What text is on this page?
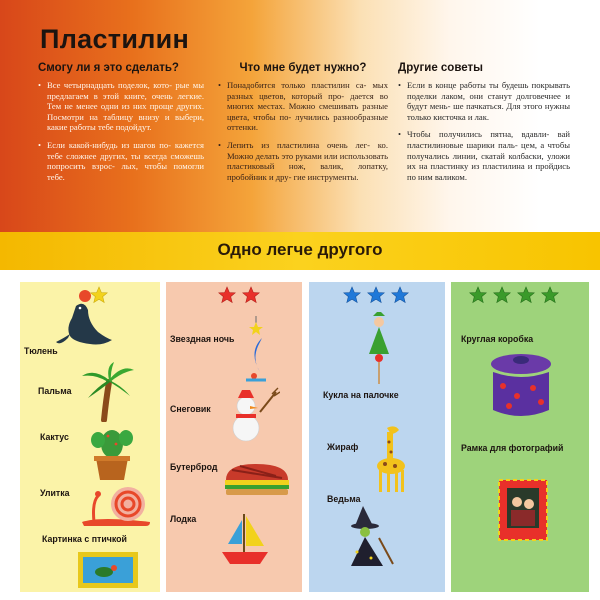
Пластилин
Смогу ли я это сделать?
• Все четырнадцать поделок, кото- рые мы предлагаем в этой книге, очень легкие. Тем не менее одни из них проще других. Посмотри на таблицу внизу и выбери, какие работы тебе подойдут.
• Если какой-нибудь из шагов по- кажется тебе сложнее других, ты всегда сможешь попросить взрос- лых, чтобы помогли тебе.
Что мне будет нужно?
• Понадобится только пластилин са- мых разных цветов, который про- дается во многих местах. Можно смешивать разные цвета, чтобы по- лучились разнообразные оттенки.
• Лепить из пластилина очень лег- ко. Можно делать это руками или использовать пластиковый нож, валик, лопатку, пробойник и дру- гие инструменты.
Другие советы
• Если в конце работы ты будешь покрывать поделки лаком, они станут долговечнее и будут мень- ше пачкаться. Для этого нужны только кисточка и лак.
• Чтобы получились пятна, вдавли- вай пластилиновые шарики паль- цем, а чтобы получались линии, скатай колбаски, уложи их на пластинку из пластилина и пройдись по ним валиком.
Одно легче другого
Тюлень
Пальма
Кактус
Улитка
Картинка с птичкой
Звездная ночь
Снеговик
Бутерброд
Лодка
Кукла на палочке
Жираф
Ведьма
Круглая коробка
Рамка для фотографий
